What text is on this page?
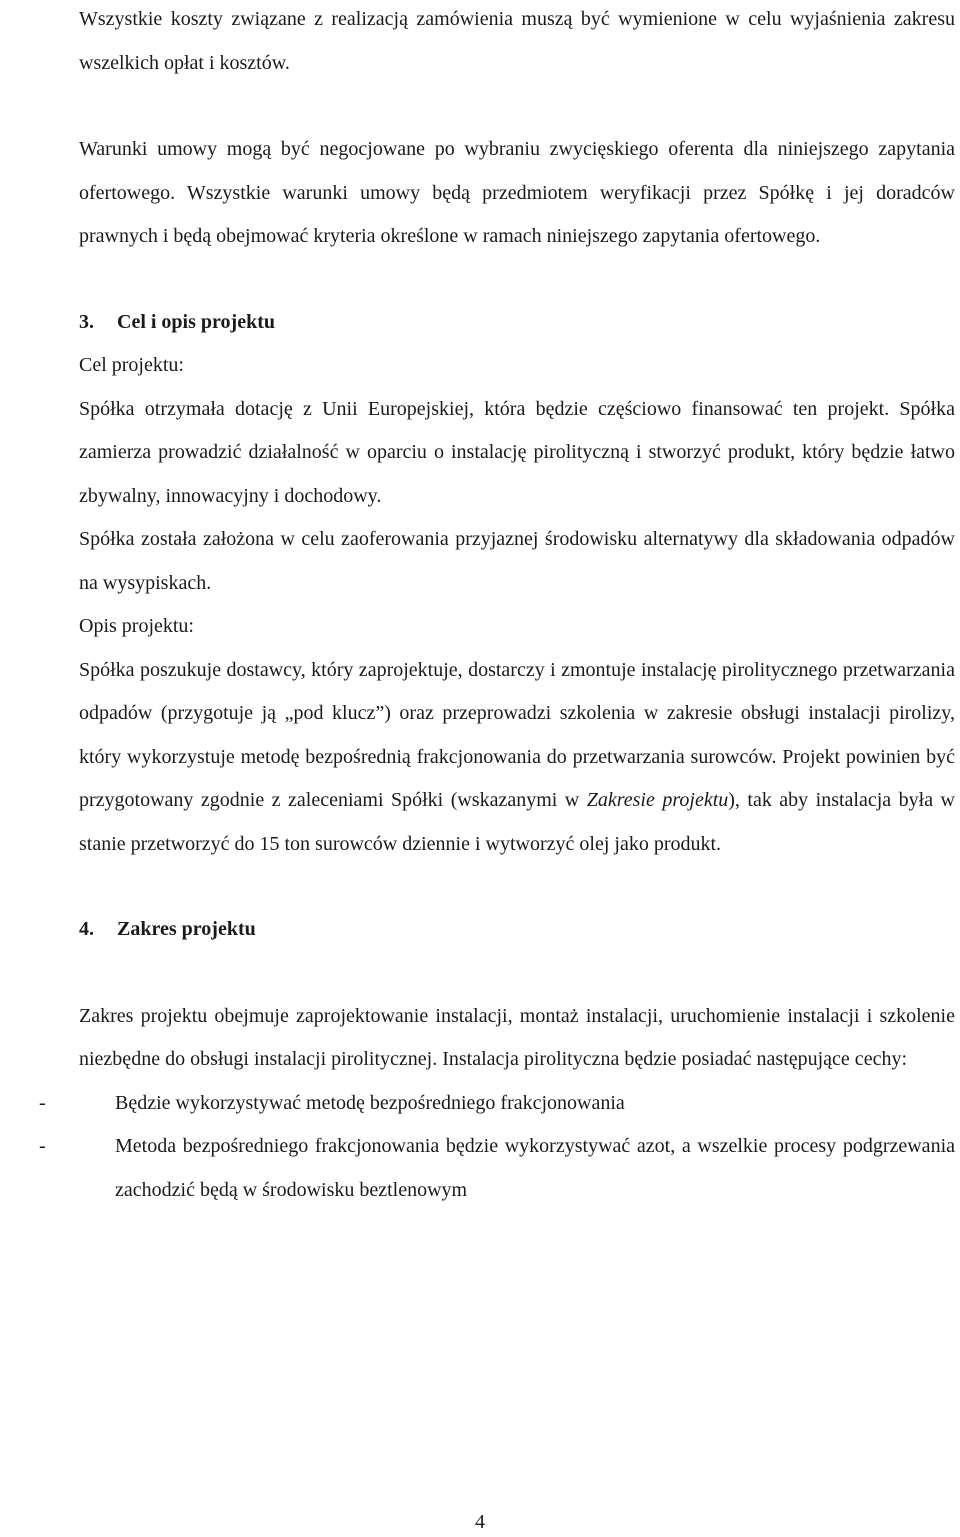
Wszystkie koszty związane z realizacją zamówienia muszą być wymienione w celu wyjaśnienia zakresu wszelkich opłat i kosztów.

Warunki umowy mogą być negocjowane po wybraniu zwycięskiego oferenta dla niniejszego zapytania ofertowego. Wszystkie warunki umowy będą przedmiotem weryfikacji przez Spółkę i jej doradców prawnych i będą obejmować kryteria określone w ramach niniejszego zapytania ofertowego.

3. Cel i opis projektu

Cel projektu:

Spółka otrzymała dotację z Unii Europejskiej, która będzie częściowo finansować ten projekt. Spółka zamierza prowadzić działalność w oparciu o instalację pirolityczną i stworzyć produkt, który będzie łatwo zbywalny, innowacyjny i dochodowy.

Spółka została założona w celu zaoferowania przyjaznej środowisku alternatywy dla składowania odpadów na wysypiskach.

Opis projektu:

Spółka poszukuje dostawcy, który zaprojektuje, dostarczy i zmontuje instalację pirolitycznego przetwarzania odpadów (przygotuje ją „pod klucz”) oraz przeprowadzi szkolenia w zakresie obsługi instalacji pirolizy, który wykorzystuje metodę bezpośrednią frakcjonowania do przetwarzania surowców. Projekt powinien być przygotowany zgodnie z zaleceniami Spółki (wskazanymi w Zakresie projektu), tak aby instalacja była w stanie przetworzyć do 15 ton surowców dziennie i wytworzyć olej jako produkt.

4. Zakres projektu

Zakres projektu obejmuje zaprojektowanie instalacji, montaż instalacji, uruchomienie instalacji i szkolenie niezbędne do obsługi instalacji pirolitycznej. Instalacja pirolityczna będzie posiadać następujące cechy:

-	Będzie wykorzystywać metodę bezpośredniego frakcjonowania
-	Metoda bezpośredniego frakcjonowania będzie wykorzystywać azot, a wszelkie procesy podgrzewania zachodzić będą w środowisku beztlenowym
4
